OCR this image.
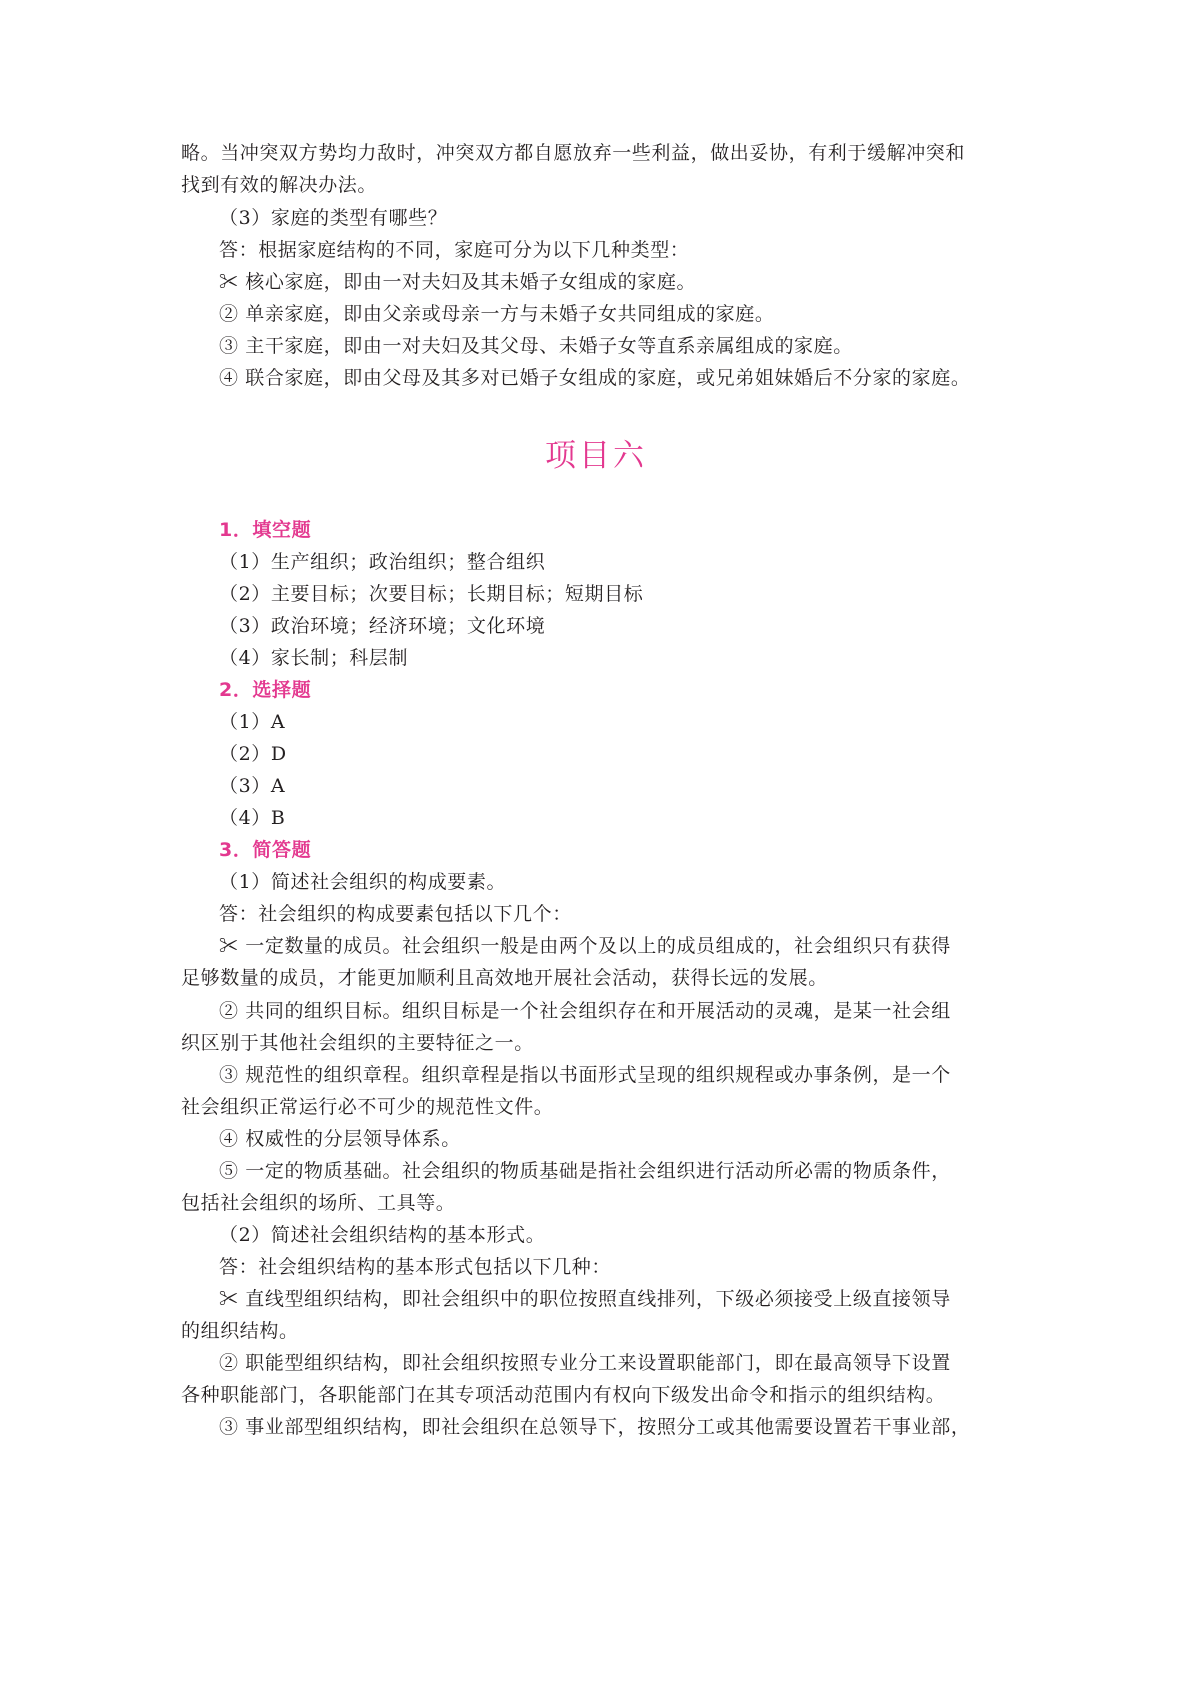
略。当冲突双方势均力敌时，冲突双方都自愿放弃一些利益，做出妥协，有利于缓解冲突和
找到有效的解决办法。
（3）家庭的类型有哪些？
答：根据家庭结构的不同，家庭可分为以下几种类型：
✂ 核心家庭，即由一对夫妇及其未婚子女组成的家庭。
② 单亲家庭，即由父亲或母亲一方与未婚子女共同组成的家庭。
③ 主干家庭，即由一对夫妇及其父母、未婚子女等直系亲属组成的家庭。
④ 联合家庭，即由父母及其多对已婚子女组成的家庭，或兄弟姐妹婚后不分家的家庭。
项目六
1．填空题
（1）生产组织；政治组织；整合组织
（2）主要目标；次要目标；长期目标；短期目标
（3）政治环境；经济环境；文化环境
（4）家长制；科层制
2．选择题
（1）A
（2）D
（3）A
（4）B
3．简答题
（1）简述社会组织的构成要素。
答：社会组织的构成要素包括以下几个：
✂ 一定数量的成员。社会组织一般是由两个及以上的成员组成的，社会组织只有获得
足够数量的成员，才能更加顺利且高效地开展社会活动，获得长远的发展。
② 共同的组织目标。组织目标是一个社会组织存在和开展活动的灵魂，是某一社会组
织区别于其他社会组织的主要特征之一。
③ 规范性的组织章程。组织章程是指以书面形式呈现的组织规程或办事条例，是一个
社会组织正常运行必不可少的规范性文件。
④ 权威性的分层领导体系。
⑤ 一定的物质基础。社会组织的物质基础是指社会组织进行活动所必需的物质条件，
包括社会组织的场所、工具等。
（2）简述社会组织结构的基本形式。
答：社会组织结构的基本形式包括以下几种：
✂ 直线型组织结构，即社会组织中的职位按照直线排列，下级必须接受上级直接领导
的组织结构。
② 职能型组织结构，即社会组织按照专业分工来设置职能部门，即在最高领导下设置
各种职能部门，各职能部门在其专项活动范围内有权向下级发出命令和指示的组织结构。
③ 事业部型组织结构，即社会组织在总领导下，按照分工或其他需要设置若干事业部，
